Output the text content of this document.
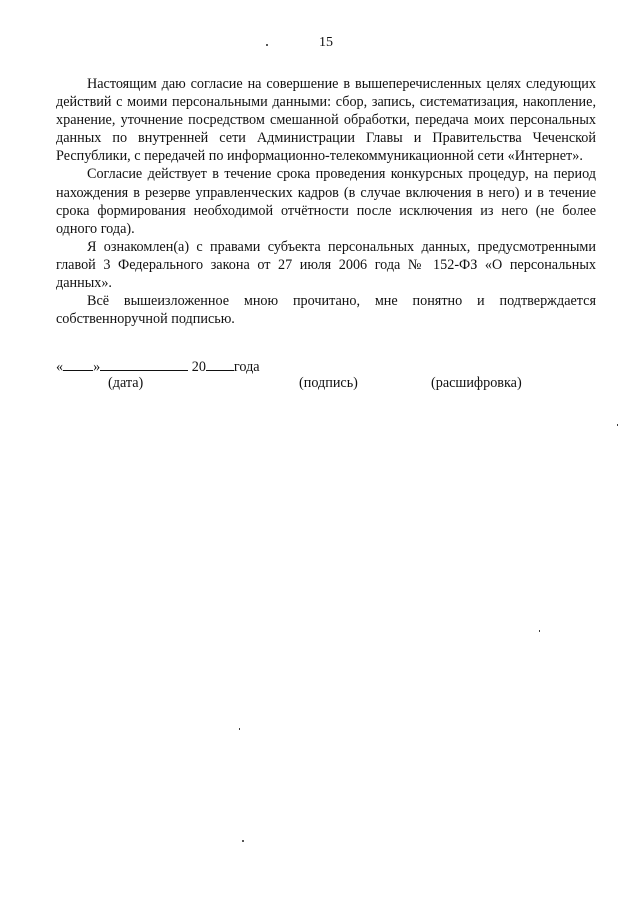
15

Настоящим даю согласие на совершение в вышеперечисленных целях следующих действий с моими персональными данными: сбор, запись, систематизация, накопление, хранение, уточнение посредством смешанной обработки, передача моих персональных данных по внутренней сети Администрации Главы и Правительства Чеченской Республики, с передачей по информационно-телекоммуникационной сети «Интернет».

Согласие действует в течение срока проведения конкурсных процедур, на период нахождения в резерве управленческих кадров (в случае включения в него) и в течение срока формирования необходимой отчётности после исключения из него (не более одного года).

Я ознакомлен(а) с правами субъекта персональных данных, предусмотренными главой 3 Федерального закона от 27 июля 2006 года № 152-ФЗ «О персональных данных».

Всё вышеизложенное мною прочитано, мне понятно и подтверждается собственноручной подписью.

« »	20 года
(дата)	(подпись)	(расшифровка)
